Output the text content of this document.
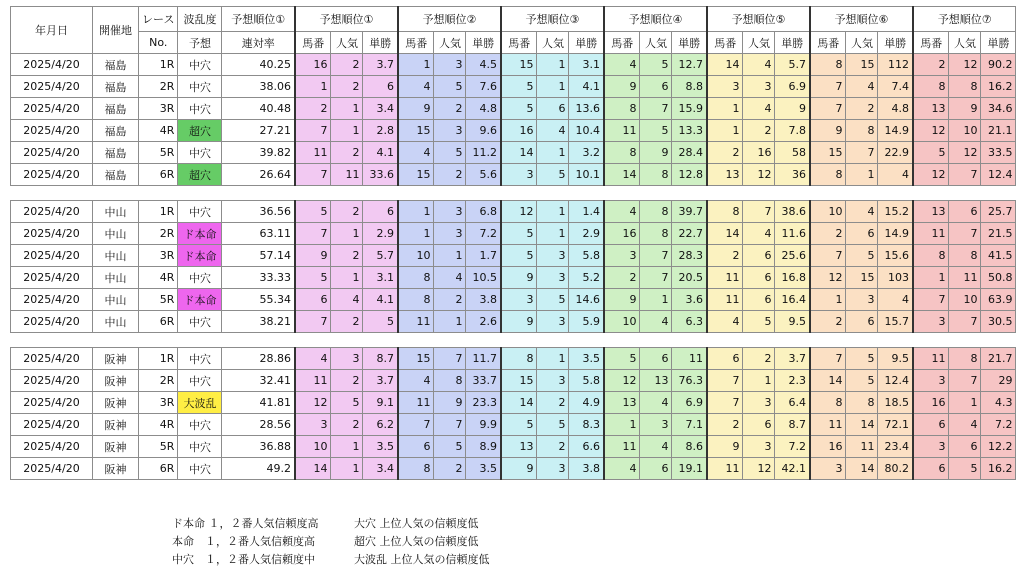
年月日	開催地	レース	波乱度	予想順位①	予想順位①			予想順位②			予想順位③			予想順位④			予想順位⑤			予想順位⑥			予想順位⑦		
		No.	予想	連対率	馬番	人気	単勝	馬番	人気	単勝	馬番	人気	単勝	馬番	人気	単勝	馬番	人気	単勝	馬番	人気	単勝	馬番	人気	単勝
2025/4/20	福島	1R	中穴	40.25	16	2	3.7	1	3	4.5	15	1	3.1	4	5	12.7	14	4	5.7	8	15	112	2	12	90.2
2025/4/20	福島	2R	中穴	38.06	1	2	6	4	5	7.6	5	1	4.1	9	6	8.8	3	3	6.9	7	4	7.4	8	8	16.2
2025/4/20	福島	3R	中穴	40.48	2	1	3.4	9	2	4.8	5	6	13.6	8	7	15.9	1	4	9	7	2	4.8	13	9	34.6
2025/4/20	福島	4R	超穴	27.21	7	1	2.8	15	3	9.6	16	4	10.4	11	5	13.3	1	2	7.8	9	8	14.9	12	10	21.1
2025/4/20	福島	5R	中穴	39.82	11	2	4.1	4	5	11.2	14	1	3.2	8	9	28.4	2	16	58	15	7	22.9	5	12	33.5
2025/4/20	福島	6R	超穴	26.64	7	11	33.6	15	2	5.6	3	5	10.1	14	8	12.8	13	12	36	8	1	4	12	7	12.4

2025/4/20	中山	1R	中穴	36.56	5	2	6	1	3	6.8	12	1	1.4	4	8	39.7	8	7	38.6	10	4	15.2	13	6	25.7
2025/4/20	中山	2R	ド本命	63.11	7	1	2.9	1	3	7.2	5	1	2.9	16	8	22.7	14	4	11.6	2	6	14.9	11	7	21.5
2025/4/20	中山	3R	ド本命	57.14	9	2	5.7	10	1	1.7	5	3	5.8	3	7	28.3	2	6	25.6	7	5	15.6	8	8	41.5
2025/4/20	中山	4R	中穴	33.33	5	1	3.1	8	4	10.5	9	3	5.2	2	7	20.5	11	6	16.8	12	15	103	1	11	50.8
2025/4/20	中山	5R	ド本命	55.34	6	4	4.1	8	2	3.8	3	5	14.6	9	1	3.6	11	6	16.4	1	3	4	7	10	63.9
2025/4/20	中山	6R	中穴	38.21	7	2	5	11	1	2.6	9	3	5.9	10	4	6.3	4	5	9.5	2	6	15.7	3	7	30.5

2025/4/20	阪神	1R	中穴	28.86	4	3	8.7	15	7	11.7	8	1	3.5	5	6	11	6	2	3.7	7	5	9.5	11	8	21.7
2025/4/20	阪神	2R	中穴	32.41	11	2	3.7	4	8	33.7	15	3	5.8	12	13	76.3	7	1	2.3	14	5	12.4	3	7	29
2025/4/20	阪神	3R	大波乱	41.81	12	5	9.1	11	9	23.3	14	2	4.9	13	4	6.9	7	3	6.4	8	8	18.5	16	1	4.3
2025/4/20	阪神	4R	中穴	28.56	3	2	6.2	7	7	9.9	5	5	8.3	1	3	7.1	2	6	8.7	11	14	72.1	6	4	7.2
2025/4/20	阪神	5R	中穴	36.88	10	1	3.5	6	5	8.9	13	2	6.6	11	4	8.6	9	3	7.2	16	11	23.4	3	6	12.2
2025/4/20	阪神	6R	中穴	49.2	14	1	3.4	8	2	3.5	9	3	3.8	4	6	19.1	11	12	42.1	3	14	80.2	6	5	16.2
ド本命 １，２番人気信頼度高	大穴 上位人気の信頼度低
本命　１，２番人気信頼度高	超穴 上位人気の信頼度低
中穴　１，２番人気信頼度中	大波乱 上位人気の信頼度低
